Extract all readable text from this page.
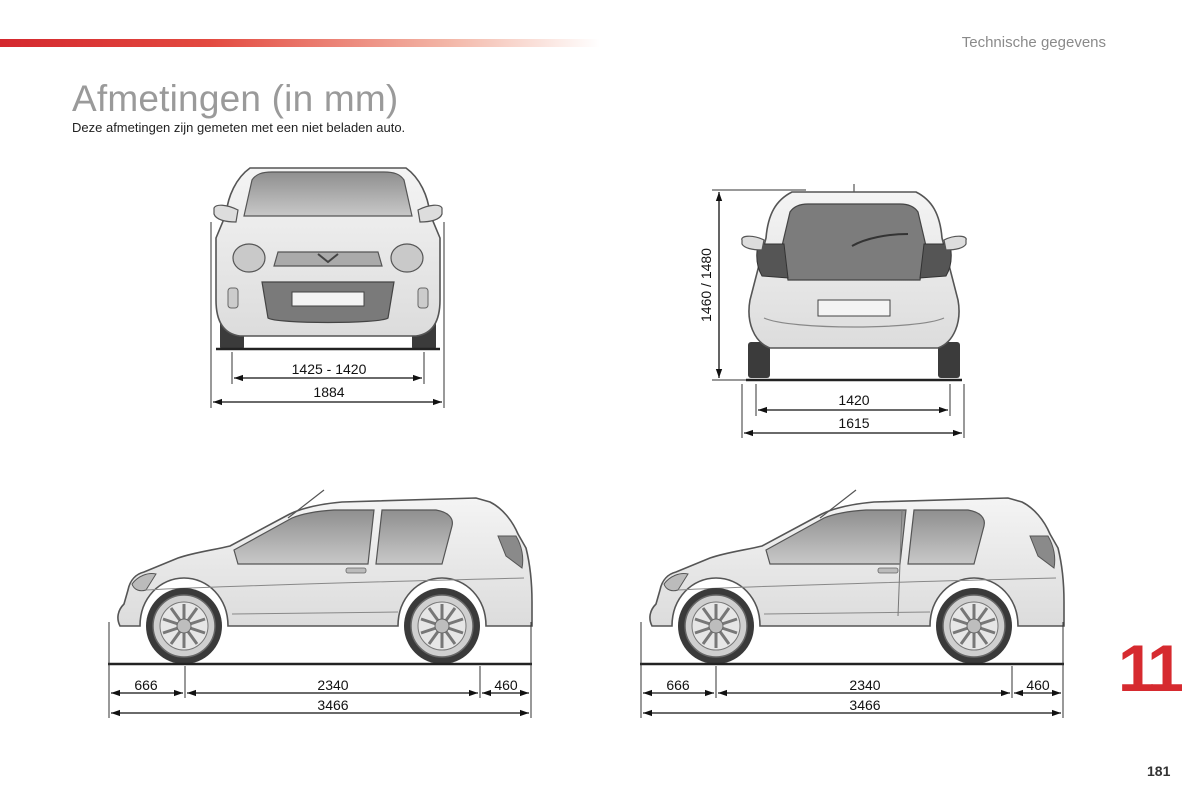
Technische gegevens
Afmetingen (in mm)
Deze afmetingen zijn gemeten met een niet beladen auto.
1425 - 1420
1884
1460 / 1480
1420
1615
666	2340	460
3466
666	2340	460
3466	11
181
